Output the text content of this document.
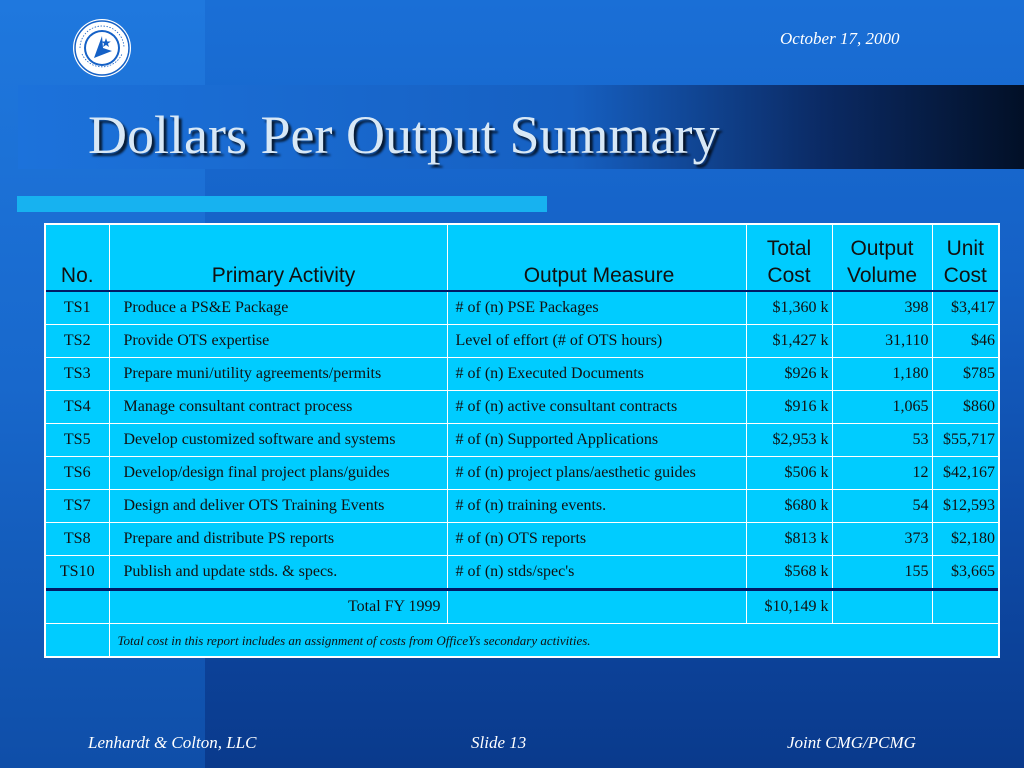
October 17, 2000
Dollars Per Output Summary
No.	Primary Activity	Output Measure	Total Cost	Output Volume	Unit Cost
TS1	Produce a PS&E Package	# of (n) PSE Packages	$1,360 k	398	$3,417
TS2	Provide OTS expertise	Level of effort (# of OTS hours)	$1,427 k	31,110	$46
TS3	Prepare muni/utility agreements/permits	# of (n) Executed Documents	$926 k	1,180	$785
TS4	Manage consultant contract process	# of (n) active consultant contracts	$916 k	1,065	$860
TS5	Develop customized software and systems	# of (n) Supported Applications	$2,953 k	53	$55,717
TS6	Develop/design final project plans/guides	# of (n) project plans/aesthetic guides	$506 k	12	$42,167
TS7	Design and deliver OTS Training Events	# of (n) training events.	$680 k	54	$12,593
TS8	Prepare and distribute PS reports	# of (n) OTS reports	$813 k	373	$2,180
TS10	Publish and update stds. & specs.	# of (n) stds/spec's	$568 k	155	$3,665
	Total FY 1999		$10,149 k		
	Total cost in this report includes an assignment of costs from OfficeYs secondary activities.				
Lenhardt & Colton, LLC	Slide 13	Joint CMG/PCMG
